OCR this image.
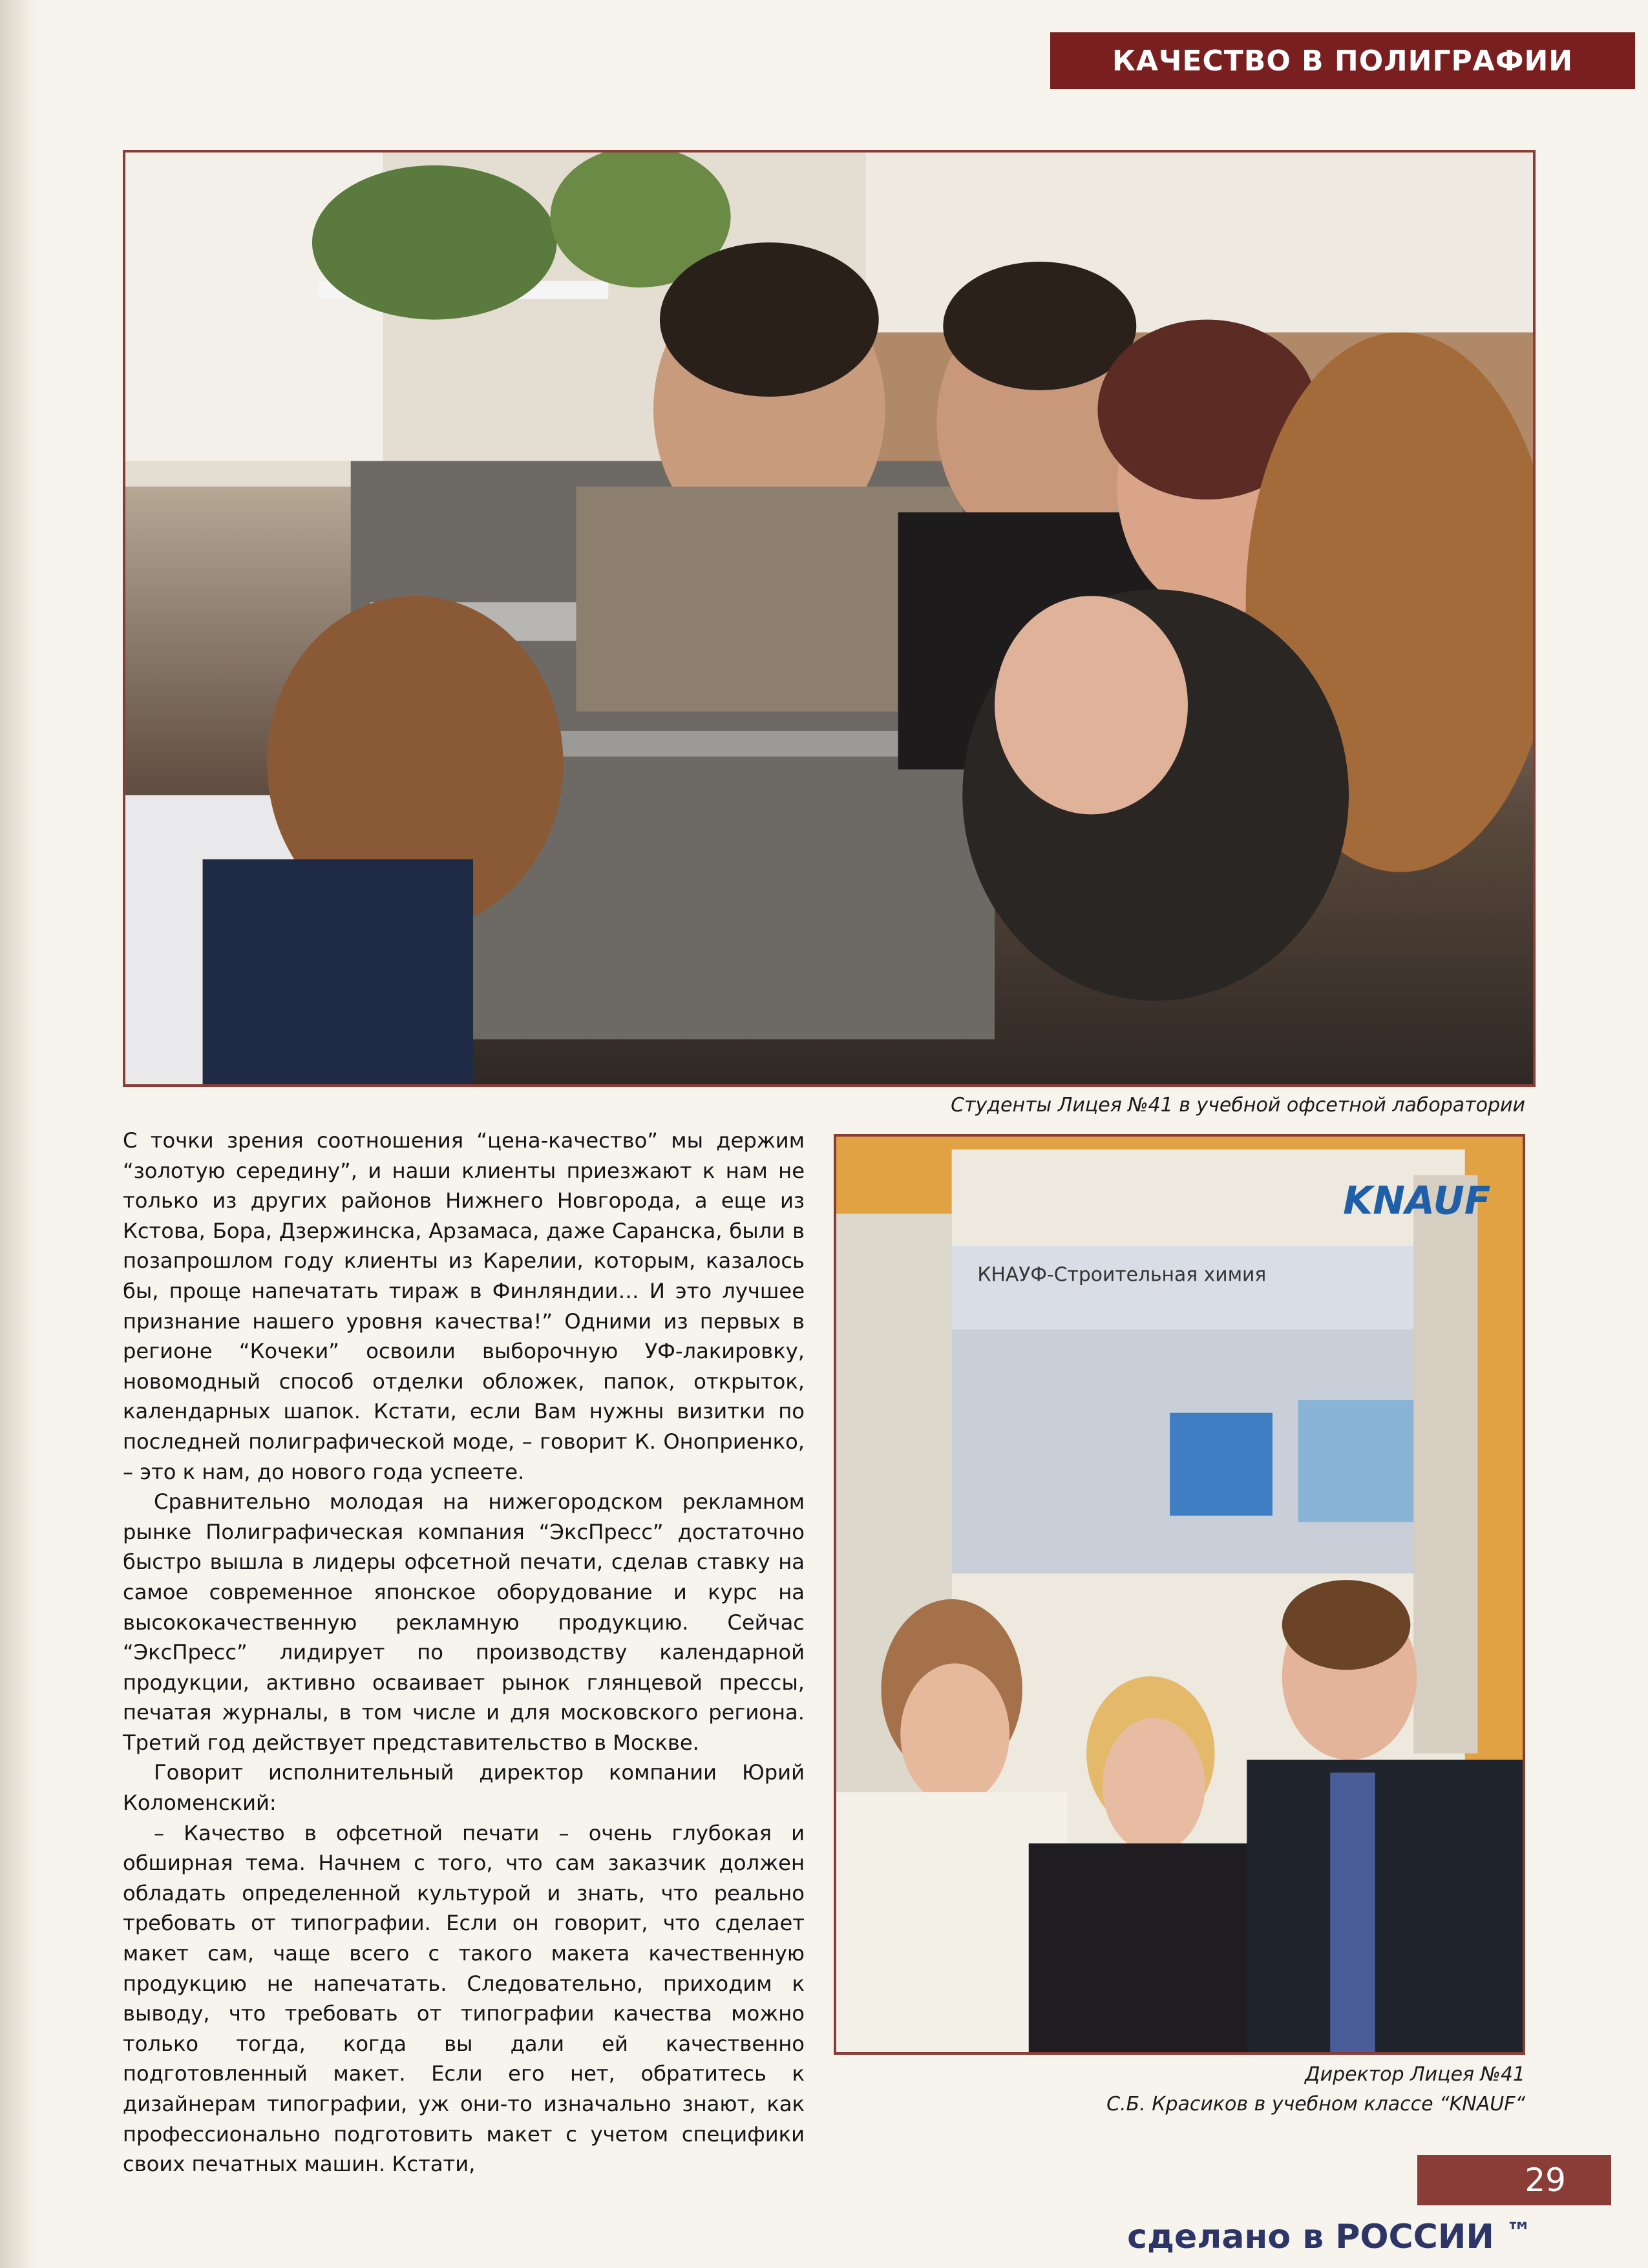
КАЧЕСТВО В ПОЛИГРАФИИ
Студенты Лицея №41 в учебной офсетной лаборатории

С точки зрения соотношения “цена-качество” мы держим “золотую середину”, и наши клиенты приезжают к нам не только из других районов Нижнего Новгорода, а еще из Кстова, Бора, Дзержинска, Арзамаса, даже Саранска, были в позапрошлом году клиенты из Карелии, которым, казалось бы, проще напечатать тираж в Финляндии… И это лучшее признание нашего уровня качества!” Одними из первых в регионе “Кочеки” освоили выборочную УФ-лакировку, новомодный способ отделки обложек, папок, открыток, календарных шапок. Кстати, если Вам нужны визитки по последней полиграфической моде, – говорит К. Оноприенко, – это к нам, до нового года успеете.

Сравнительно молодая на нижегородском рекламном рынке Полиграфическая компания “ЭксПресс” достаточно быстро вышла в лидеры офсетной печати, сделав ставку на самое современное японское оборудование и курс на высококачественную рекламную продукцию. Сейчас “ЭксПресс” лидирует по производству календарной продукции, активно осваивает рынок глянцевой прессы, печатая журналы, в том числе и для московского региона. Третий год действует представительство в Москве.

Говорит исполнительный директор компании Юрий Коломенский:

– Качество в офсетной печати – очень глубокая и обширная тема. Начнем с того, что сам заказчик должен обладать определенной культурой и знать, что реально требовать от типографии. Если он говорит, что сделает макет сам, чаще всего с такого макета качественную продукцию не напечатать. Следовательно, приходим к выводу, что требовать от типографии качества можно только тогда, когда вы дали ей качественно подготовленный макет. Если его нет, обратитесь к дизайнерам типографии, уж они-то изначально знают, как профессионально подготовить макет с учетом специфики своих печатных машин. Кстати,

KNAUF
КНАУФ-Строительная химия
Директор Лицея №41
С.Б. Красиков в учебном классе “KNAUF“
29
сделано в РОССИИ ™
